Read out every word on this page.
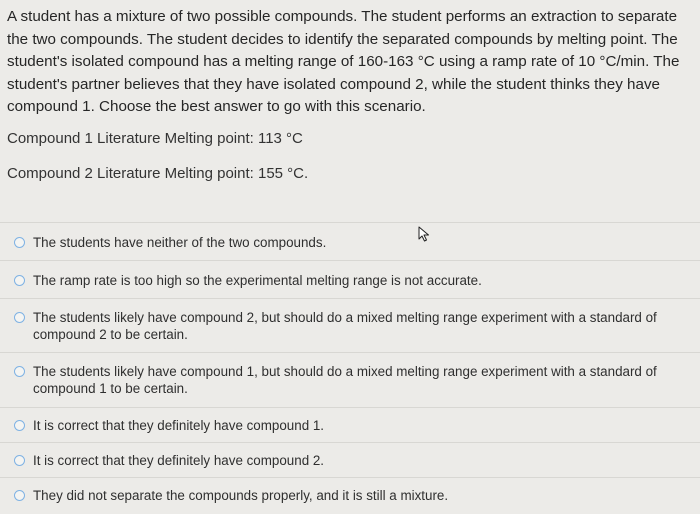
A student has a mixture of two possible compounds. The student performs an extraction to separate the two compounds. The student decides to identify the separated compounds by melting point. The student's isolated compound has a melting range of 160-163 °C using a ramp rate of 10 °C/min. The student's partner believes that they have isolated compound 2, while the student thinks they have compound 1. Choose the best answer to go with this scenario.
Compound 1 Literature Melting point: 113 °C
Compound 2 Literature Melting point: 155 °C.
The students have neither of the two compounds.
The ramp rate is too high so the experimental melting range is not accurate.
The students likely have compound 2, but should do a mixed melting range experiment with a standard of compound 2 to be certain.
The students likely have compound 1, but should do a mixed melting range experiment with a standard of compound 1 to be certain.
It is correct that they definitely have compound 1.
It is correct that they definitely have compound 2.
They did not separate the compounds properly, and it is still a mixture.
